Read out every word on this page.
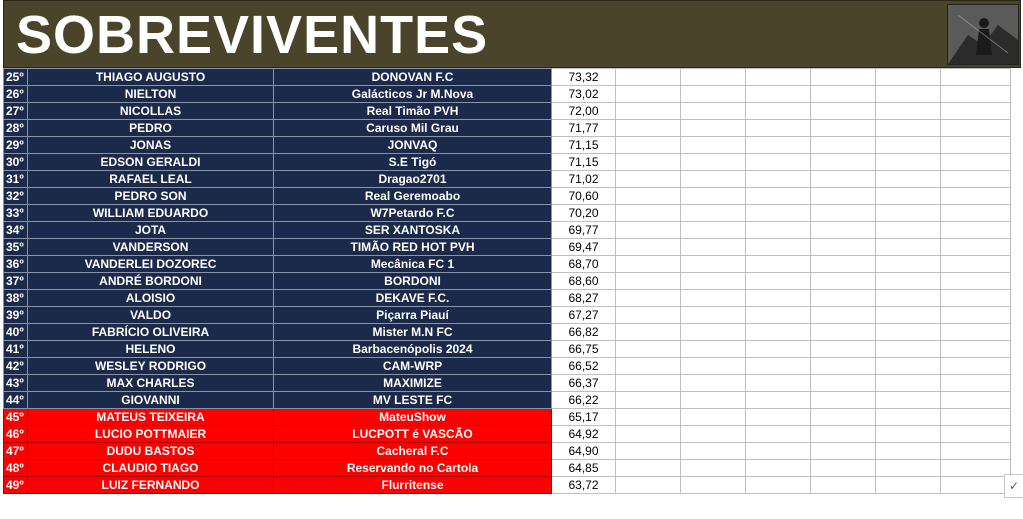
SOBREVIVENTES
25º	THIAGO AUGUSTO	DONOVAN F.C	73,32						
26º	NIELTON	Galácticos Jr M.Nova	73,02						
27º	NICOLLAS	Real Timão PVH	72,00						
28º	PEDRO	Caruso Mil Grau	71,77						
29º	JONAS	JONVAQ	71,15						
30º	EDSON GERALDI	S.E Tigó	71,15						
31º	RAFAEL LEAL	Dragao2701	71,02						
32º	PEDRO SON	Real Geremoabo	70,60						
33º	WILLIAM EDUARDO	W7Petardo F.C	70,20						
34º	JOTA	SER XANTOSKA	69,77						
35º	VANDERSON	TIMÃO RED HOT PVH	69,47						
36º	VANDERLEI DOZOREC	Mecânica FC 1	68,70						
37º	ANDRÉ BORDONI	BORDONI	68,60						
38º	ALOISIO	DEKAVE F.C.	68,27						
39º	VALDO	Piçarra Piauí	67,27						
40º	FABRÍCIO OLIVEIRA	Mister M.N FC	66,82						
41º	HELENO	Barbacenópolis 2024	66,75						
42º	WESLEY RODRIGO	CAM-WRP	66,52						
43º	MAX CHARLES	MAXIMIZE	66,37						
44º	GIOVANNI	MV LESTE FC	66,22						
45º	MATEUS TEIXEIRA	MateuShow	65,17						
46º	LUCIO POTTMAIER	LUCPOTT é VASCÃO	64,92						
47º	DUDU BASTOS	Cacheral F.C	64,90						
48º	CLAUDIO TIAGO	Reservando no Cartola	64,85						
49º	LUIZ FERNANDO	Flurritense	63,72							✓
